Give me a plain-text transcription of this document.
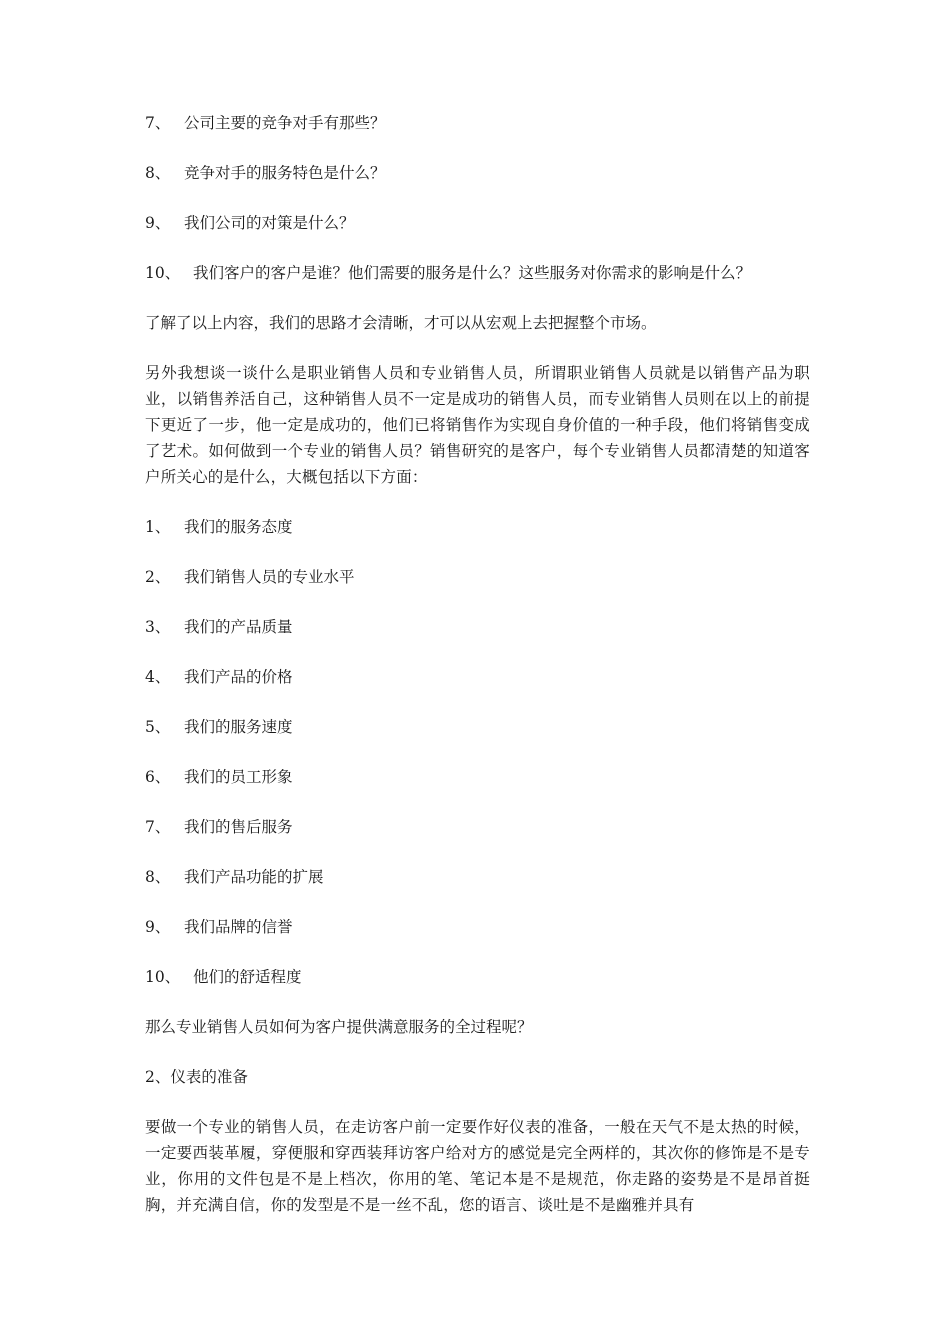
7、 公司主要的竞争对手有那些？
8、 竞争对手的服务特色是什么？
9、 我们公司的对策是什么？
10、 我们客户的客户是谁？他们需要的服务是什么？这些服务对你需求的影响是什么？
了解了以上内容，我们的思路才会清晰，才可以从宏观上去把握整个市场。
另外我想谈一谈什么是职业销售人员和专业销售人员，所谓职业销售人员就是以销售产品为职业，以销售养活自己，这种销售人员不一定是成功的销售人员，而专业销售人员则在以上的前提下更近了一步，他一定是成功的，他们已将销售作为实现自身价值的一种手段，他们将销售变成了艺术。如何做到一个专业的销售人员？销售研究的是客户，每个专业销售人员都清楚的知道客户所关心的是什么，大概包括以下方面：
1、 我们的服务态度
2、 我们销售人员的专业水平
3、 我们的产品质量
4、 我们产品的价格
5、 我们的服务速度
6、 我们的员工形象
7、 我们的售后服务
8、 我们产品功能的扩展
9、 我们品牌的信誉
10、 他们的舒适程度
那么专业销售人员如何为客户提供满意服务的全过程呢？
2、仪表的准备
要做一个专业的销售人员，在走访客户前一定要作好仪表的准备，一般在天气不是太热的时候，一定要西装革履，穿便服和穿西装拜访客户给对方的感觉是完全两样的，其次你的修饰是不是专业，你用的文件包是不是上档次，你用的笔、笔记本是不是规范，你走路的姿势是不是昂首挺胸，并充满自信，你的发型是不是一丝不乱，您的语言、谈吐是不是幽雅并具有
